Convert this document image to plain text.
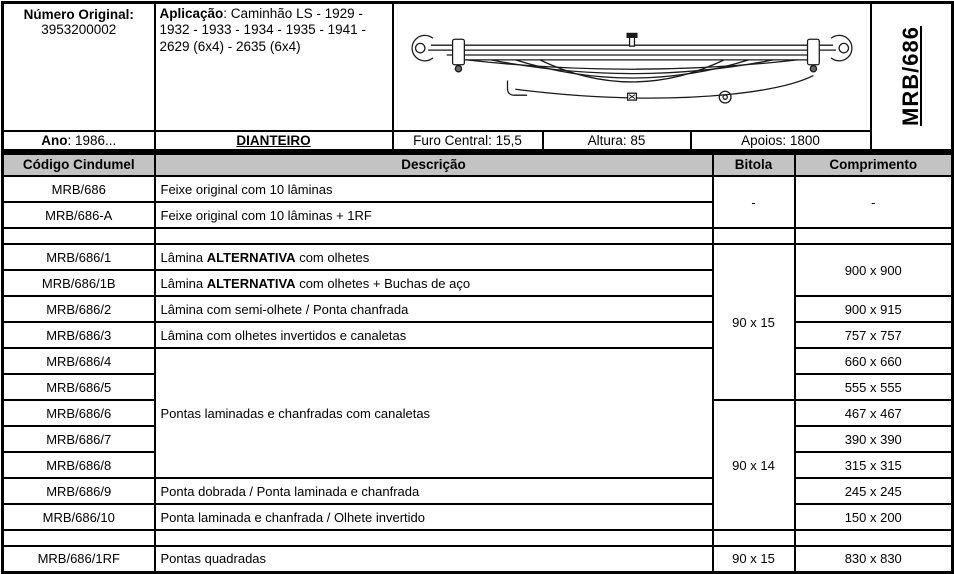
Número Original:
3953200002	Aplicação: Caminhão LS - 1929 - 1932 - 1933 - 1934 - 1935 - 1941 - 2629 (6x4) - 2635 (6x4)				MRB/686

Ano: 1986...	DIANTEIRO	Furo Central: 15,5	Altura: 85	Apoios: 1800	
Código Cindumel	Descrição	Bitola	Comprimento
MRB/686	Feixe original com 10 lâminas	-	-
MRB/686-A	Feixe original com 10 lâminas + 1RF		

MRB/686/1	Lâmina ALTERNATIVA com olhetes	90 x 15	900 x 900
MRB/686/1B	Lâmina ALTERNATIVA com olhetes + Buchas de aço		
MRB/686/2	Lâmina com semi-olhete / Ponta chanfrada		900 x 915
MRB/686/3	Lâmina com olhetes invertidos e canaletas		757 x 757
MRB/686/4	Pontas laminadas e chanfradas com canaletas		660 x 660
MRB/686/5			555 x 555
MRB/686/6		90 x 14	467 x 467
MRB/686/7			390 x 390
MRB/686/8			315 x 315
MRB/686/9	Ponta dobrada / Ponta laminada e chanfrada		245 x 245
MRB/686/10	Ponta laminada e chanfrada / Olhete invertido		150 x 200

MRB/686/1RF	Pontas quadradas	90 x 15	830 x 830
